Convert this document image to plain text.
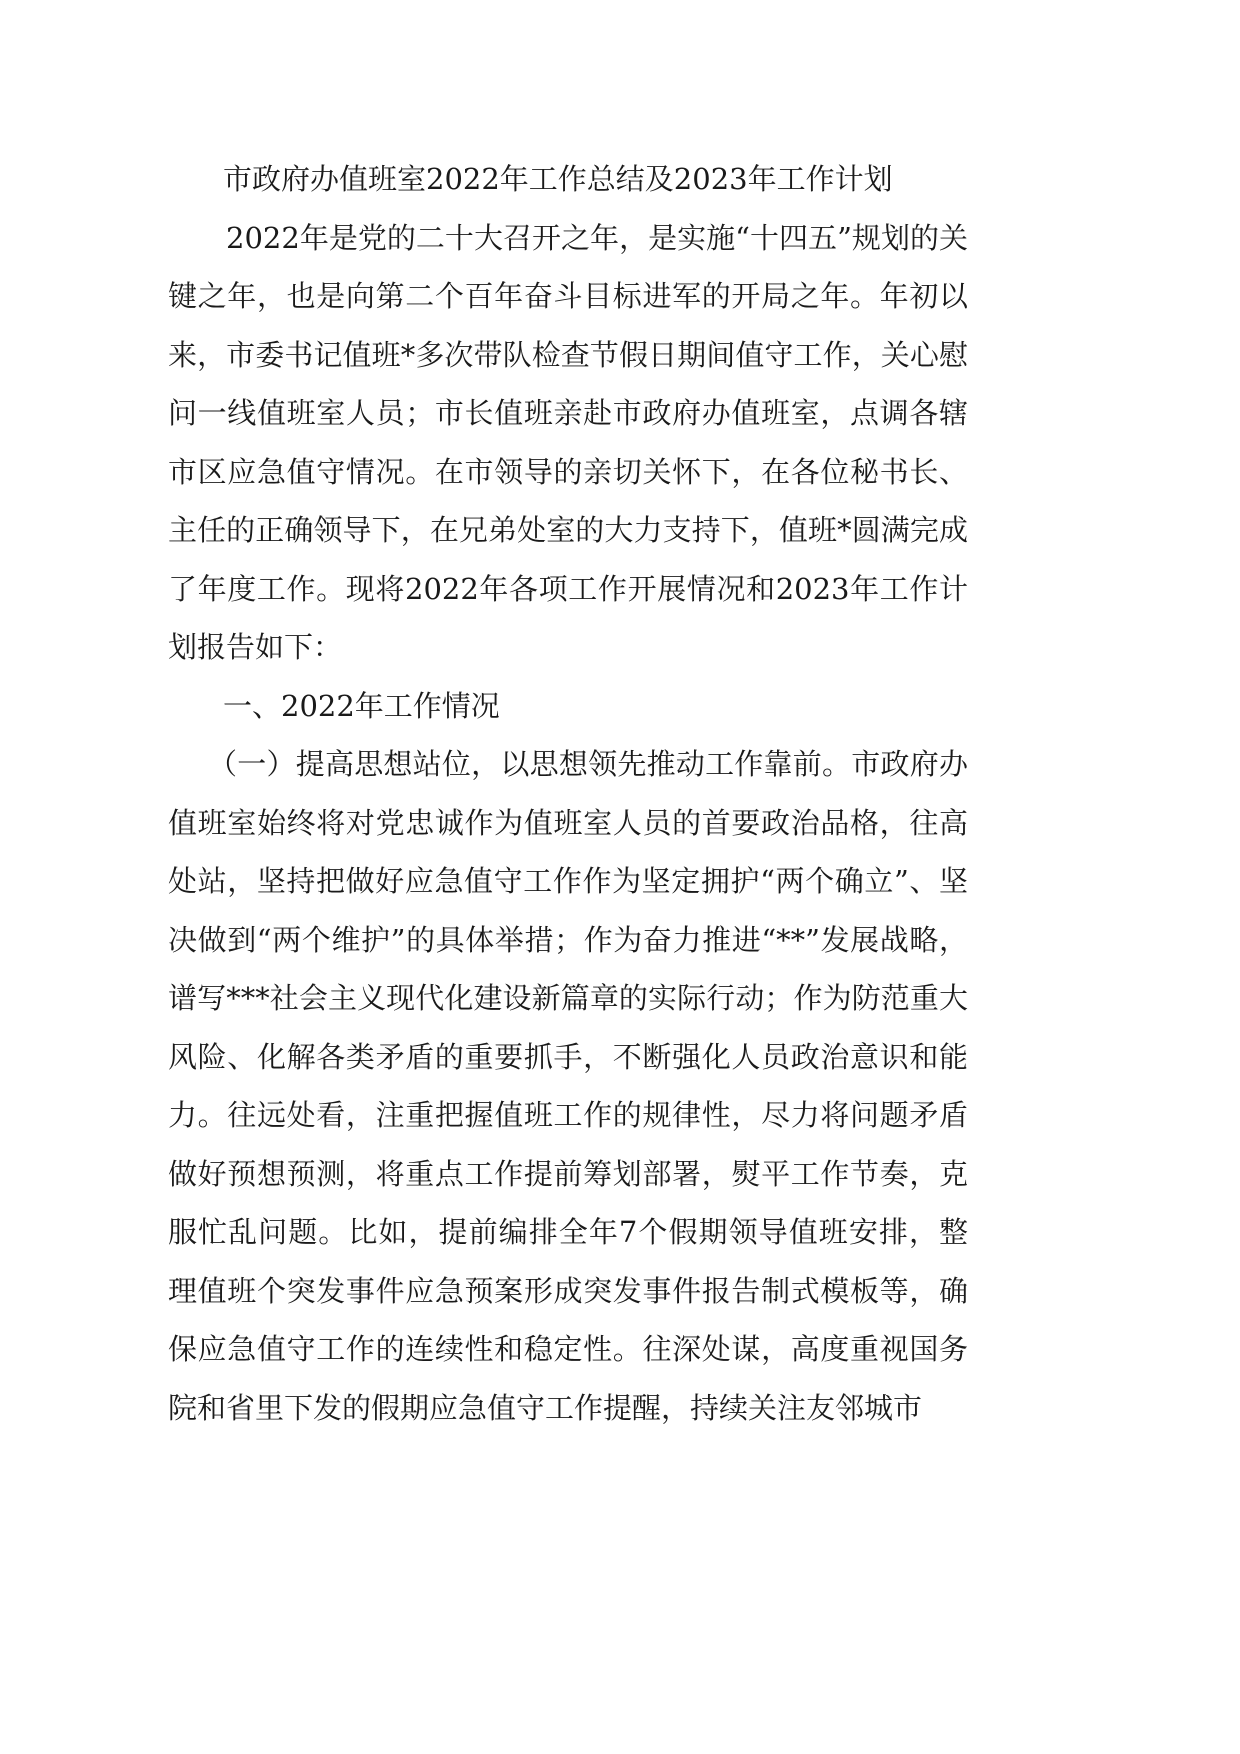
市政府办值班室2022年工作总结及2023年工作计划

2022年是党的二十大召开之年，是实施“十四五”规划的关键之年，也是向第二个百年奋斗目标进军的开局之年。年初以来，市委书记值班*多次带队检查节假日期间值守工作，关心慰问一线值班室人员；市长值班亲赴市政府办值班室，点调各辖市区应急值守情况。在市领导的亲切关怀下，在各位秘书长、主任的正确领导下，在兄弟处室的大力支持下，值班*圆满完成了年度工作。现将2022年各项工作开展情况和2023年工作计划报告如下：

一、2022年工作情况

（一）提高思想站位，以思想领先推动工作靠前。市政府办值班室始终将对党忠诚作为值班室人员的首要政治品格，往高处站，坚持把做好应急值守工作作为坚定拥护“两个确立”、坚决做到“两个维护”的具体举措；作为奋力推进“**”发展战略，谱写***社会主义现代化建设新篇章的实际行动；作为防范重大风险、化解各类矛盾的重要抓手，不断强化人员政治意识和能力。往远处看，注重把握值班工作的规律性，尽力将问题矛盾做好预想预测，将重点工作提前筹划部署，熨平工作节奏，克服忙乱问题。比如，提前编排全年7个假期领导值班安排，整理值班个突发事件应急预案形成突发事件报告制式模板等，确保应急值守工作的连续性和稳定性。往深处谋，高度重视国务院和省里下发的假期应急值守工作提醒，持续关注友邻城市
